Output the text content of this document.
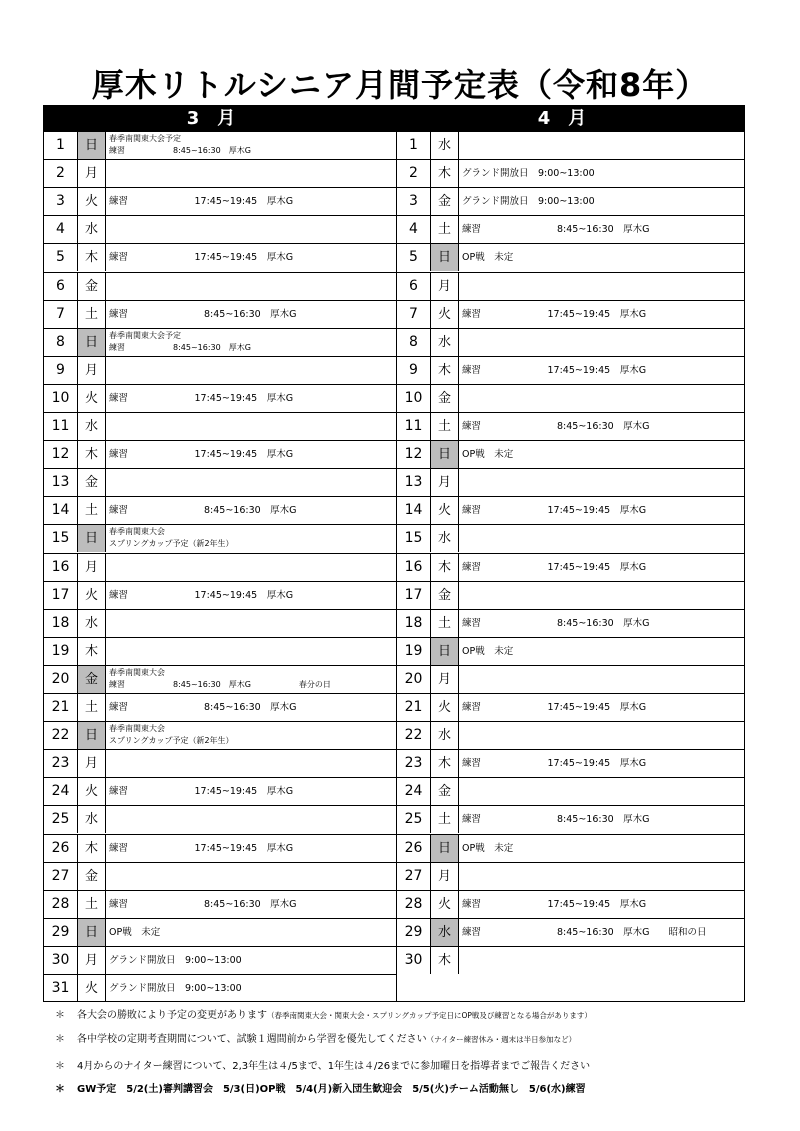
厚木リトルシニア月間予定表（令和8年）
3月
1	日	春季南関東大会予定
練習　　　　　　8:45~16:30　厚木G
2	月
3	火	練習　　　　　　　17:45~19:45　厚木G
4	水
5	木	練習　　　　　　　17:45~19:45　厚木G
6	金
7	土	練習　　　　　　　　8:45~16:30　厚木G
8	日	春季南関東大会予定
練習　　　　　　8:45~16:30　厚木G
9	月
10	火	練習　　　　　　　17:45~19:45　厚木G
11	水
12	木	練習　　　　　　　17:45~19:45　厚木G
13	金
14	土	練習　　　　　　　　8:45~16:30　厚木G
15	日	春季南関東大会
スプリングカップ予定（新2年生）
16	月
17	火	練習　　　　　　　17:45~19:45　厚木G
18	水
19	木
20	金	春季南関東大会
練習　　　　　　8:45~16:30　厚木G　　　　　　春分の日
21	土	練習　　　　　　　　8:45~16:30　厚木G
22	日	春季南関東大会
スプリングカップ予定（新2年生）
23	月
24	火	練習　　　　　　　17:45~19:45　厚木G
25	水
26	木	練習　　　　　　　17:45~19:45　厚木G
27	金
28	土	練習　　　　　　　　8:45~16:30　厚木G
29	日	OP戦　未定
30	月	グランド開放日　9:00~13:00
31	火	グランド開放日　9:00~13:00
4月
1	水
2	木	グランド開放日　9:00~13:00
3	金	グランド開放日　9:00~13:00
4	土	練習　　　　　　　　8:45~16:30　厚木G
5	日	OP戦　未定
6	月
7	火	練習　　　　　　　17:45~19:45　厚木G
8	水
9	木	練習　　　　　　　17:45~19:45　厚木G
10	金
11	土	練習　　　　　　　　8:45~16:30　厚木G
12	日	OP戦　未定
13	月
14	火	練習　　　　　　　17:45~19:45　厚木G
15	水
16	木	練習　　　　　　　17:45~19:45　厚木G
17	金
18	土	練習　　　　　　　　8:45~16:30　厚木G
19	日	OP戦　未定
20	月
21	火	練習　　　　　　　17:45~19:45　厚木G
22	水
23	木	練習　　　　　　　17:45~19:45　厚木G
24	金
25	土	練習　　　　　　　　8:45~16:30　厚木G
26	日	OP戦　未定
27	月
28	火	練習　　　　　　　17:45~19:45　厚木G
29	水	練習　　　　　　　　8:45~16:30　厚木G　　昭和の日
30	木
＊ 各大会の勝敗により予定の変更があります（春季南関東大会・関東大会・スプリングカップ予定日にOP戦及び練習となる場合があります）
＊ 各中学校の定期考査期間について、試験１週間前から学習を優先してください（ナイター練習休み・週末は半日参加など）
＊ 4月からのナイター練習について、2,3年生は４/5まで、1年生は４/26までに参加曜日を指導者までご報告ください
＊ GW予定　5/2(土)審判講習会　5/3(日)OP戦　5/4(月)新入団生歓迎会　5/5(火)チーム活動無し　5/6(水)練習
